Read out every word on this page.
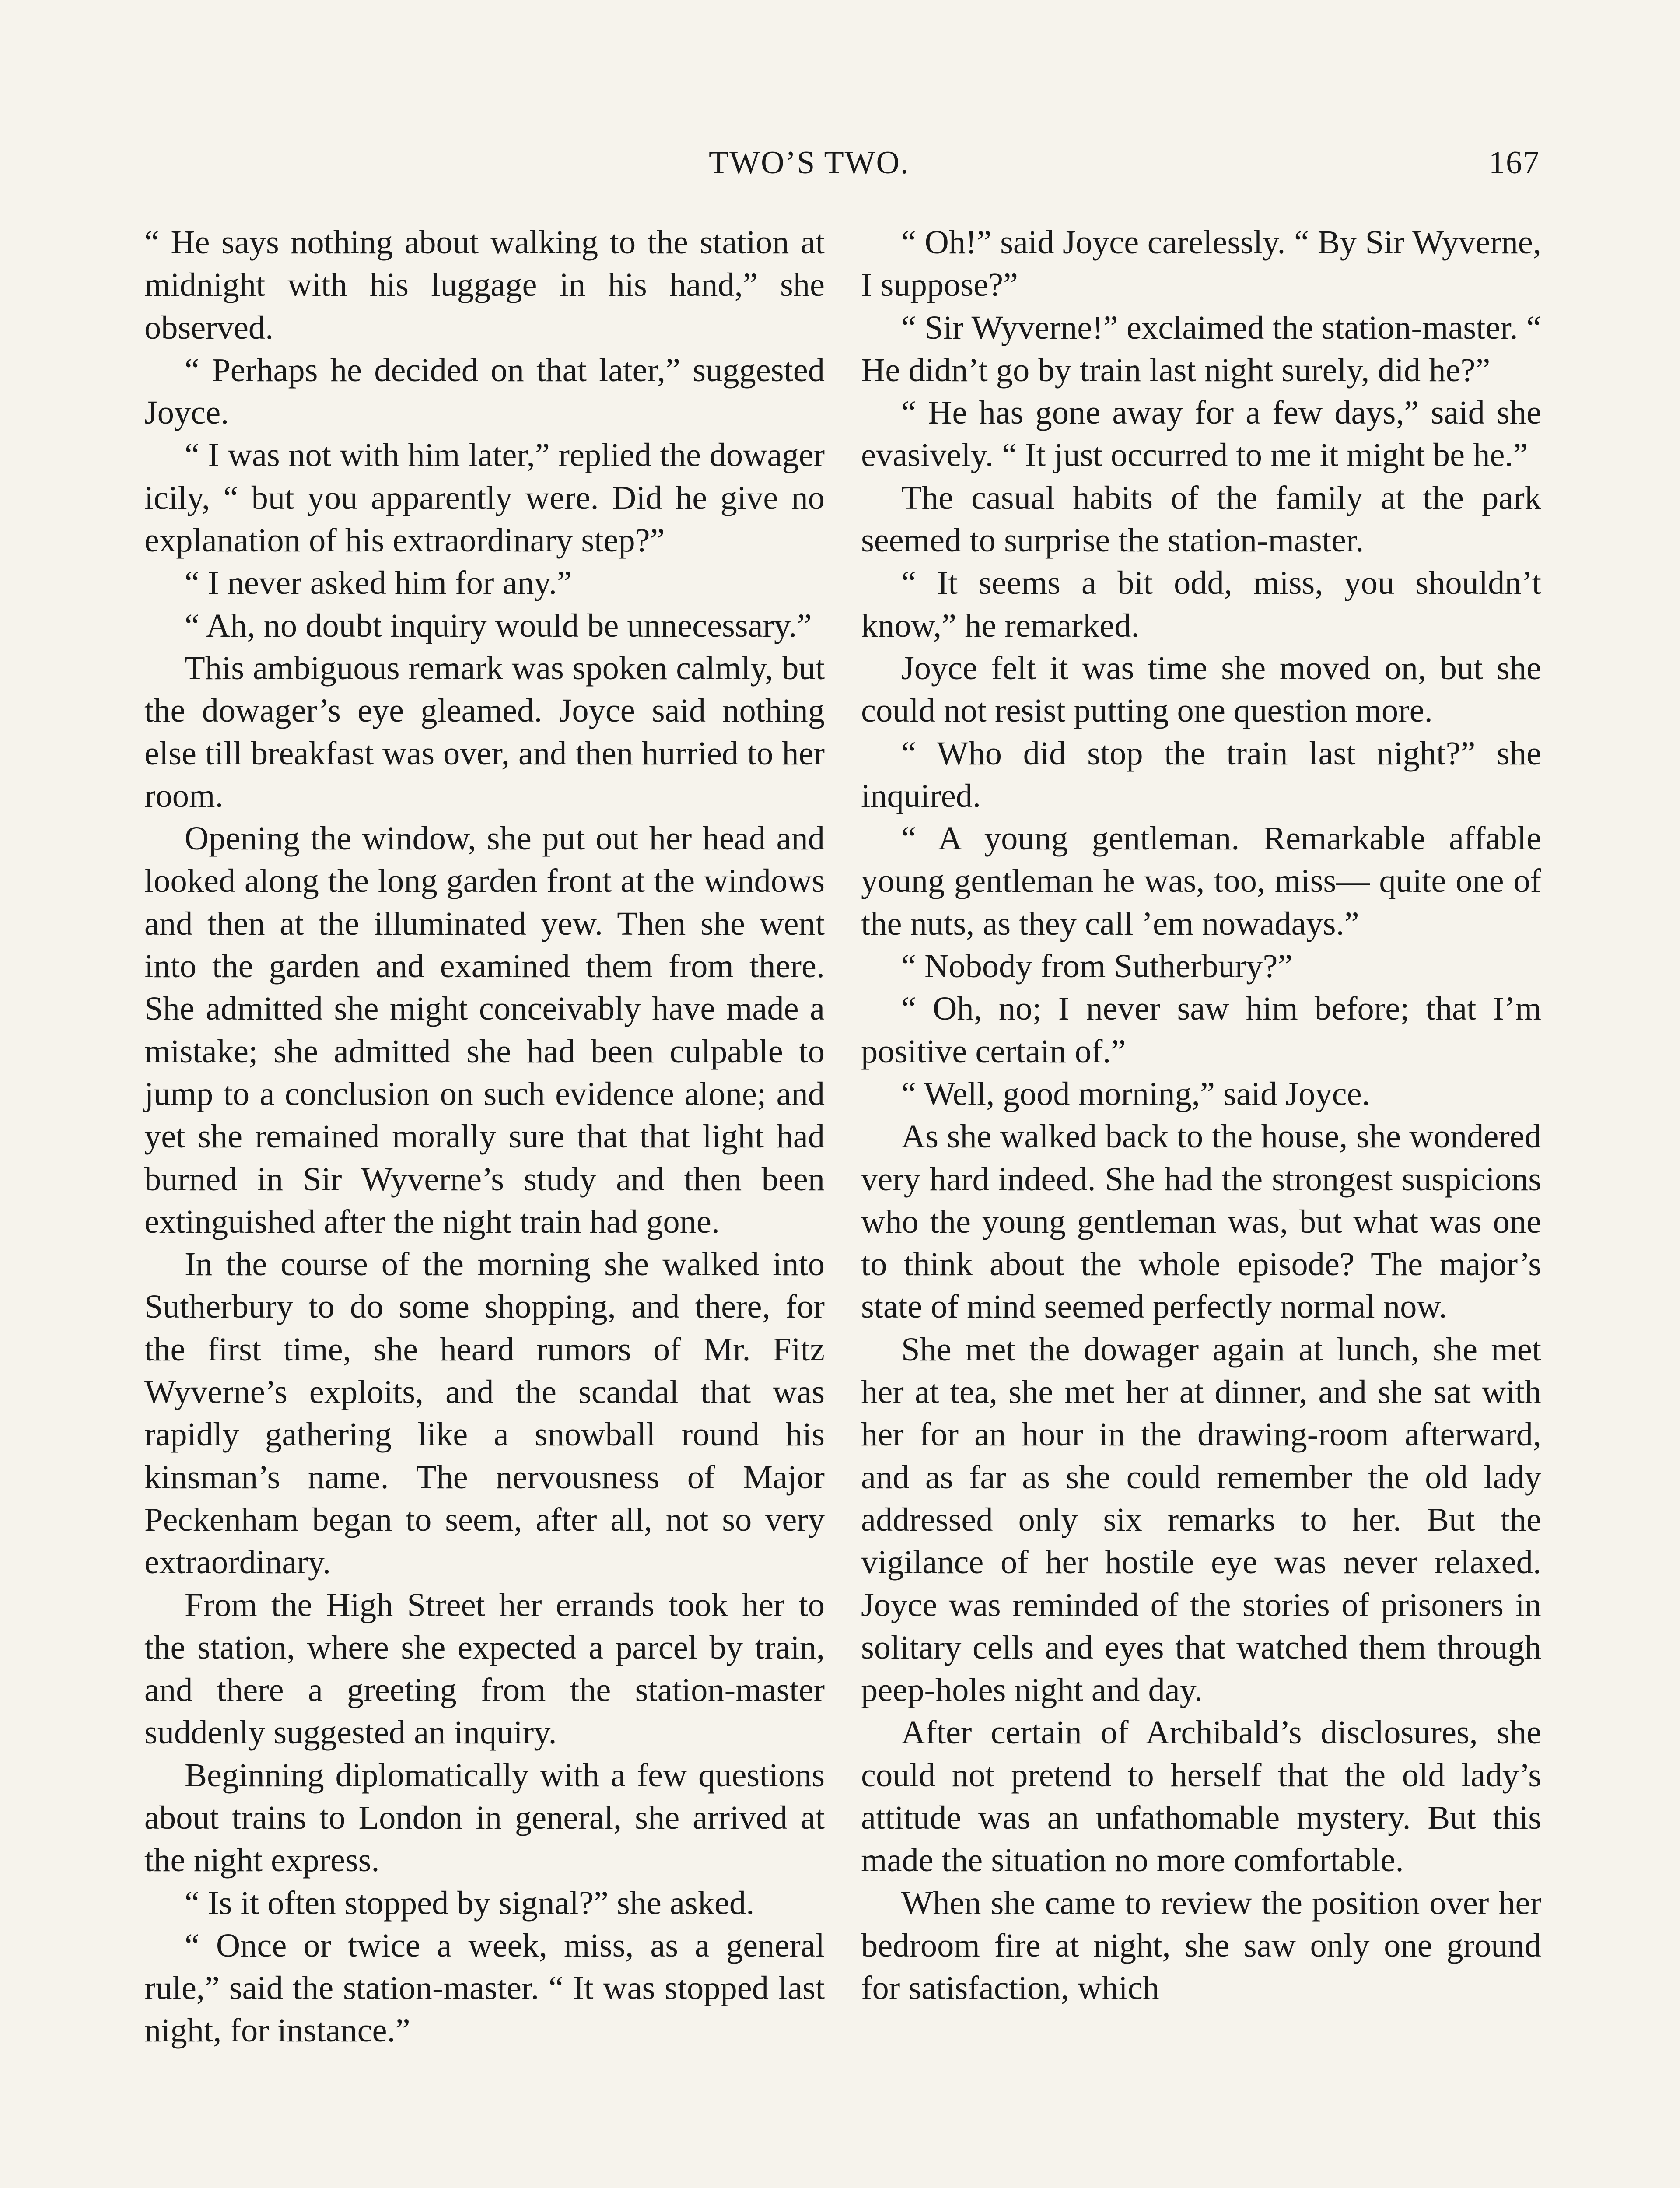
TWO’S TWO.	167

“ He says nothing about walking to the station at midnight with his luggage in his hand,” she observed.

“ Perhaps he decided on that later,” suggested Joyce.

“ I was not with him later,” replied the dowager icily, “ but you apparently were. Did he give no explanation of his extraordinary step?”

“ I never asked him for any.”

“ Ah, no doubt inquiry would be unnecessary.”

This ambiguous remark was spoken calmly, but the dowager’s eye gleamed. Joyce said nothing else till breakfast was over, and then hurried to her room.

Opening the window, she put out her head and looked along the long garden front at the windows and then at the illuminated yew. Then she went into the garden and examined them from there. She admitted she might conceivably have made a mistake; she admitted she had been culpable to jump to a conclusion on such evidence alone; and yet she remained morally sure that that light had burned in Sir Wyverne’s study and then been extinguished after the night train had gone.

In the course of the morning she walked into Sutherbury to do some shopping, and there, for the first time, she heard rumors of Mr. Fitz Wyverne’s exploits, and the scandal that was rapidly gathering like a snowball round his kinsman’s name. The nervousness of Major Peckenham began to seem, after all, not so very extraordinary.

From the High Street her errands took her to the station, where she expected a parcel by train, and there a greeting from the station-master suddenly suggested an inquiry.

Beginning diplomatically with a few questions about trains to London in general, she arrived at the night express.

“ Is it often stopped by signal?” she asked.

“ Once or twice a week, miss, as a general rule,” said the station-master. “ It was stopped last night, for instance.”

“ Oh!” said Joyce carelessly. “ By Sir Wyverne, I suppose?”

“ Sir Wyverne!” exclaimed the station-master. “ He didn’t go by train last night surely, did he?”

“ He has gone away for a few days,” said she evasively. “ It just occurred to me it might be he.”

The casual habits of the family at the park seemed to surprise the station-master.

“ It seems a bit odd, miss, you shouldn’t know,” he remarked.

Joyce felt it was time she moved on, but she could not resist putting one question more.

“ Who did stop the train last night?” she inquired.

“ A young gentleman. Remarkable affable young gentleman he was, too, miss— quite one of the nuts, as they call ’em nowadays.”

“ Nobody from Sutherbury?”

“ Oh, no; I never saw him before; that I’m positive certain of.”

“ Well, good morning,” said Joyce.

As she walked back to the house, she wondered very hard indeed. She had the strongest suspicions who the young gentleman was, but what was one to think about the whole episode? The major’s state of mind seemed perfectly normal now.

She met the dowager again at lunch, she met her at tea, she met her at dinner, and she sat with her for an hour in the drawing-room afterward, and as far as she could remember the old lady addressed only six remarks to her. But the vigilance of her hostile eye was never relaxed. Joyce was reminded of the stories of prisoners in solitary cells and eyes that watched them through peep-holes night and day.

After certain of Archibald’s disclosures, she could not pretend to herself that the old lady’s attitude was an unfathomable mystery. But this made the situation no more comfortable.

When she came to review the position over her bedroom fire at night, she saw only one ground for satisfaction, which
